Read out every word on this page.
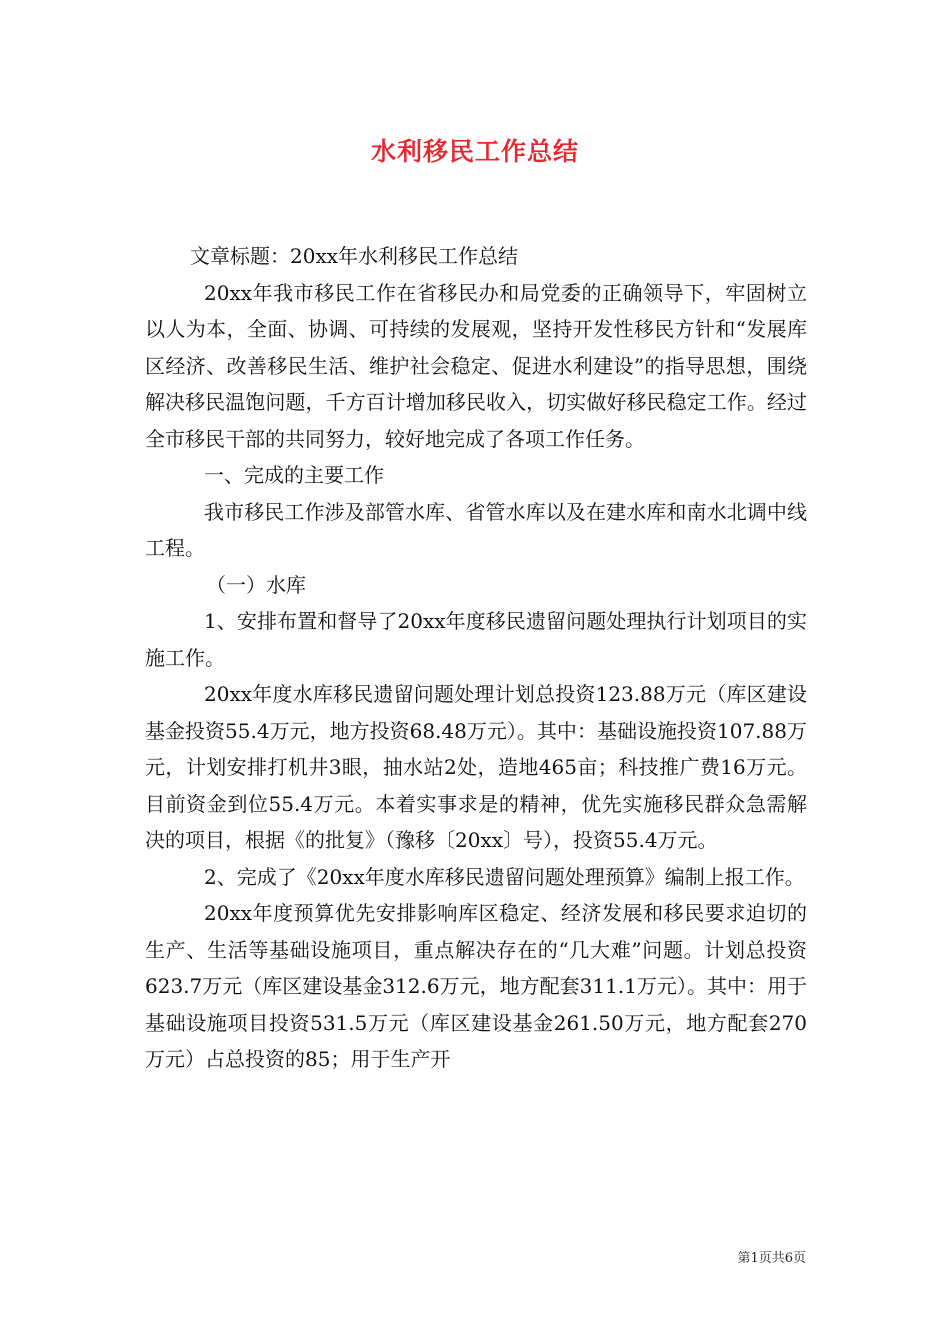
水利移民工作总结

文章标题：20xx年水利移民工作总结

20xx年我市移民工作在省移民办和局党委的正确领导下，牢固树立以人为本，全面、协调、可持续的发展观，坚持开发性移民方针和“发展库区经济、改善移民生活、维护社会稳定、促进水利建设”的指导思想，围绕解决移民温饱问题，千方百计增加移民收入，切实做好移民稳定工作。经过全市移民干部的共同努力，较好地完成了各项工作任务。

一、完成的主要工作

我市移民工作涉及部管水库、省管水库以及在建水库和南水北调中线工程。

（一）水库

1、安排布置和督导了20xx年度移民遗留问题处理执行计划项目的实施工作。

20xx年度水库移民遗留问题处理计划总投资123.88万元（库区建设基金投资55.4万元，地方投资68.48万元）。其中：基础设施投资107.88万元，计划安排打机井3眼，抽水站2处，造地465亩；科技推广费16万元。目前资金到位55.4万元。本着实事求是的精神，优先实施移民群众急需解决的项目，根据《的批复》（豫移〔20xx〕号），投资55.4万元。

2、完成了《20xx年度水库移民遗留问题处理预算》编制上报工作。

20xx年度预算优先安排影响库区稳定、经济发展和移民要求迫切的生产、生活等基础设施项目，重点解决存在的“几大难”问题。计划总投资623.7万元（库区建设基金312.6万元，地方配套311.1万元）。其中：用于基础设施项目投资531.5万元（库区建设基金261.50万元，地方配套270万元）占总投资的85；用于生产开

第1页共6页
